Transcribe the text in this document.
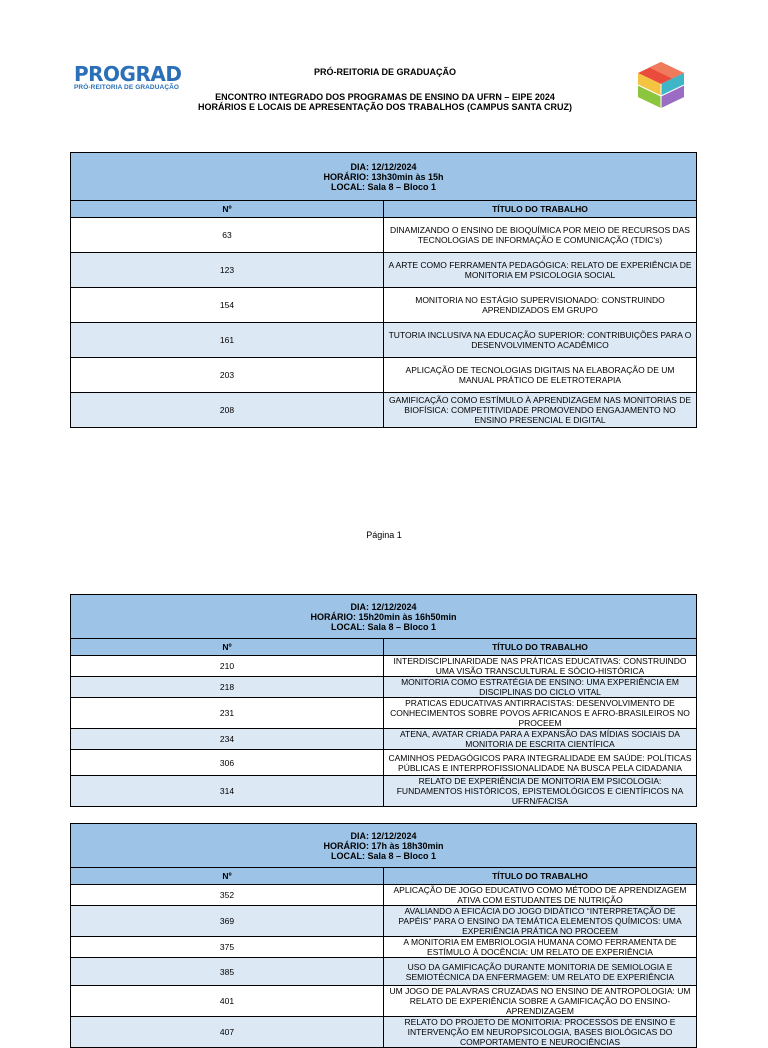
PROGRAD
PRÓ-REITORIA DE GRADUAÇÃO
PRÓ-REITORIA DE GRADUAÇÃO
ENCONTRO INTEGRADO DOS PROGRAMAS DE ENSINO DA UFRN – EIPE 2024
HORÁRIOS E LOCAIS DE APRESENTAÇÃO DOS TRABALHOS (CAMPUS SANTA CRUZ)
DIA: 12/12/2024
HORÁRIO: 13h30min às 15h
LOCAL: Sala 8 – Bloco 1	

Nº	TÍTULO DO TRABALHO
63	DINAMIZANDO O ENSINO DE BIOQUÍMICA POR MEIO DE RECURSOS DAS TECNOLOGIAS DE INFORMAÇÃO E COMUNICAÇÃO (TDIC's)
123	A ARTE COMO FERRAMENTA PEDAGÓGICA: RELATO DE EXPERIÊNCIA DE MONITORIA EM PSICOLOGIA SOCIAL
154	MONITORIA NO ESTÁGIO SUPERVISIONADO: CONSTRUINDO APRENDIZADOS EM GRUPO
161	TUTORIA INCLUSIVA NA EDUCAÇÃO SUPERIOR: CONTRIBUIÇÕES PARA O DESENVOLVIMENTO ACADÊMICO
203	APLICAÇÃO DE TECNOLOGIAS DIGITAIS NA ELABORAÇÃO DE UM MANUAL PRÁTICO DE ELETROTERAPIA
208	GAMIFICAÇÃO COMO ESTÍMULO À APRENDIZAGEM NAS MONITORIAS DE BIOFÍSICA: COMPETITIVIDADE PROMOVENDO ENGAJAMENTO NO ENSINO PRESENCIAL E DIGITAL
Página 1
DIA: 12/12/2024
HORÁRIO: 15h20min às 16h50min
LOCAL: Sala 8 – Bloco 1	

Nº	TÍTULO DO TRABALHO
210	INTERDISCIPLINARIDADE NAS PRÁTICAS EDUCATIVAS: CONSTRUINDO UMA VISÃO TRANSCULTURAL E SÓCIO-HISTÓRICA
218	MONITORIA COMO ESTRATÉGIA DE ENSINO: UMA EXPERIÊNCIA EM DISCIPLINAS DO CICLO VITAL
231	PRATICAS EDUCATIVAS ANTIRRACISTAS: DESENVOLVIMENTO DE CONHECIMENTOS SOBRE POVOS AFRICANOS E AFRO-BRASILEIROS NO PROCEEM
234	ATENA, AVATAR CRIADA PARA A EXPANSÃO DAS MÍDIAS SOCIAIS DA MONITORIA DE ESCRITA CIENTÍFICA
306	CAMINHOS PEDAGÓGICOS PARA INTEGRALIDADE EM SAÚDE: POLÍTICAS PÚBLICAS E INTERPROFISSIONALIDADE NA BUSCA PELA CIDADANIA
314	RELATO DE EXPERIÊNCIA DE MONITORIA EM PSICOLOGIA: FUNDAMENTOS HISTÓRICOS, EPISTEMOLÓGICOS E CIENTÍFICOS NA UFRN/FACISA
DIA: 12/12/2024
HORÁRIO: 17h às 18h30min
LOCAL: Sala 8 – Bloco 1	

Nº	TÍTULO DO TRABALHO
352	APLICAÇÃO DE JOGO EDUCATIVO COMO MÉTODO DE APRENDIZAGEM ATIVA COM ESTUDANTES DE NUTRIÇÃO
369	AVALIANDO A EFICÁCIA DO JOGO DIDÁTICO “INTERPRETAÇÃO DE PAPÉIS” PARA O ENSINO DA TEMÁTICA ELEMENTOS QUÍMICOS: UMA EXPERIÊNCIA PRÁTICA NO PROCEEM
375	A MONITORIA EM EMBRIOLOGIA HUMANA COMO FERRAMENTA DE ESTÍMULO À DOCÊNCIA: UM RELATO DE EXPERIÊNCIA
385	USO DA GAMIFICAÇÃO DURANTE MONITORIA DE SEMIOLOGIA E SEMIOTÉCNICA DA ENFERMAGEM: UM RELATO DE EXPERIÊNCIA
401	UM JOGO DE PALAVRAS CRUZADAS NO ENSINO DE ANTROPOLOGIA: UM RELATO DE EXPERIÊNCIA SOBRE A GAMIFICAÇÃO DO ENSINO-APRENDIZAGEM
407	RELATO DO PROJETO DE MONITORIA: PROCESSOS DE ENSINO E INTERVENÇÃO EM NEUROPSICOLOGIA, BASES BIOLÓGICAS DO COMPORTAMENTO E NEUROCIÊNCIAS
